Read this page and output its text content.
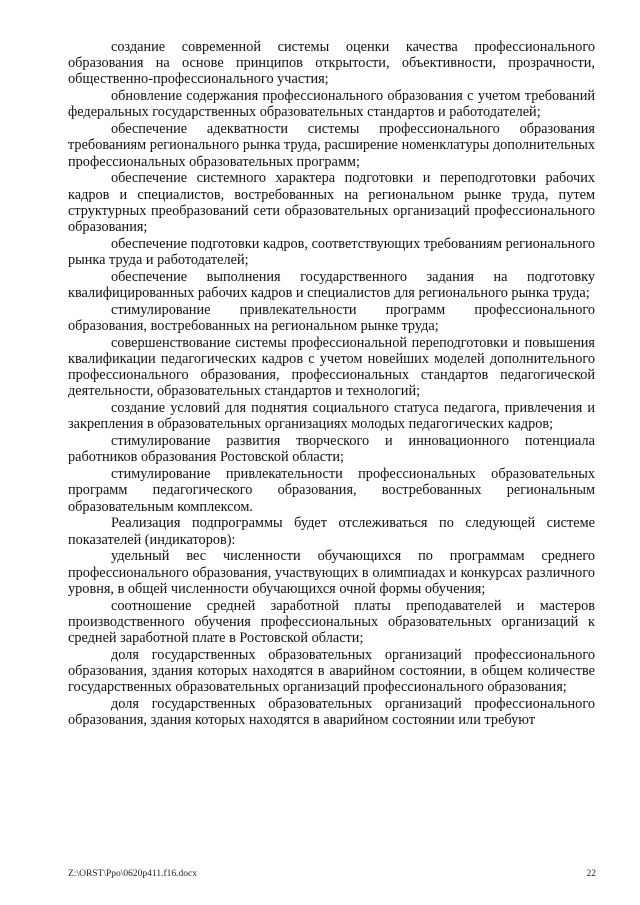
создание современной системы оценки качества профессионального образования на основе принципов открытости, объективности, прозрачности, общественно-профессионального участия;

обновление содержания профессионального образования с учетом требований федеральных государственных образовательных стандартов и работодателей;

обеспечение адекватности системы профессионального образования требованиям регионального рынка труда, расширение номенклатуры дополнительных профессиональных образовательных программ;

обеспечение системного характера подготовки и переподготовки рабочих кадров и специалистов, востребованных на региональном рынке труда, путем структурных преобразований сети образовательных организаций профессионального образования;

обеспечение подготовки кадров, соответствующих требованиям регионального рынка труда и работодателей;

обеспечение выполнения государственного задания на подготовку квалифицированных рабочих кадров и специалистов для регионального рынка труда;

стимулирование привлекательности программ профессионального образования, востребованных на региональном рынке труда;

совершенствование системы профессиональной переподготовки и повышения квалификации педагогических кадров с учетом новейших моделей дополнительного профессионального образования, профессиональных стандартов педагогической деятельности, образовательных стандартов и технологий;

создание условий для поднятия социального статуса педагога, привлечения и закрепления в образовательных организациях молодых педагогических кадров;

стимулирование развития творческого и инновационного потенциала работников образования Ростовской области;

стимулирование привлекательности профессиональных образовательных программ педагогического образования, востребованных региональным образовательным комплексом.

Реализация подпрограммы будет отслеживаться по следующей системе показателей (индикаторов):

удельный вес численности обучающихся по программам среднего профессионального образования, участвующих в олимпиадах и конкурсах различного уровня, в общей численности обучающихся очной формы обучения;

соотношение средней заработной платы преподавателей и мастеров производственного обучения профессиональных образовательных организаций к средней заработной плате в Ростовской области;

доля государственных образовательных организаций профессионального образования, здания которых находятся в аварийном состоянии, в общем количестве государственных образовательных организаций профессионального образования;

доля государственных образовательных организаций профессионального образования, здания которых находятся в аварийном состоянии или требуют

Z:\ORST\Ppo\0620p411.f16.docx	22
